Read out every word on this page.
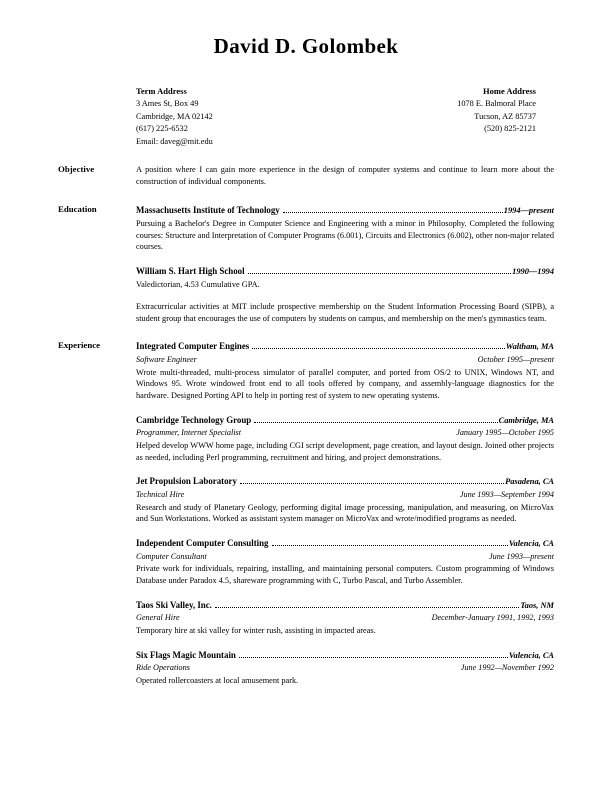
David D. Golombek
Term Address	Home Address
3 Ames St, Box 49	1078 E. Balmoral Place
Cambridge, MA 02142	Tucson, AZ 85737
(617) 225-6532	(520) 825-2121
Email: daveg@mit.edu
Objective	A position where I can gain more experience in the design of computer systems and continue to learn more about the construction of individual components.
Education	Massachusetts Institute of Technology	1994—present
Pursuing a Bachelor's Degree in Computer Science and Engineering with a minor in Philosophy. Completed the following courses: Structure and Interpretation of Computer Programs (6.001), Circuits and Electronics (6.002), other non-major related courses.
William S. Hart High School	1990—1994
Valedictorian, 4.53 Cumulative GPA.
Extracurricular activities at MIT include prospective membership on the Student Information Processing Board (SIPB), a student group that encourages the use of computers by students on campus, and membership on the men's gymnastics team.
Experience	Integrated Computer Engines	Waltham, MA
Software Engineer	October 1995—present
Wrote multi-threaded, multi-process simulator of parallel computer, and ported from OS/2 to UNIX, Windows NT, and Windows 95. Wrote windowed front end to all tools offered by company, and assembly-language diagnostics for the hardware. Designed Porting API to help in porting rest of system to new operating systems.
Cambridge Technology Group	Cambridge, MA
Programmer, Internet Specialist	January 1995—October 1995
Helped develop WWW home page, including CGI script development, page creation, and layout design. Joined other projects as needed, including Perl programming, recruitment and hiring, and project demonstrations.
Jet Propulsion Laboratory	Pasadena, CA
Technical Hire	June 1993—September 1994
Research and study of Planetary Geology, performing digital image processing, manipulation, and measuring, on MicroVax and Sun Workstations. Worked as assistant system manager on MicroVax and wrote/modified programs as needed.
Independent Computer Consulting	Valencia, CA
Computer Consultant	June 1993—present
Private work for individuals, repairing, installing, and maintaining personal computers. Custom programming of Windows Database under Paradox 4.5, shareware programming with C, Turbo Pascal, and Turbo Assembler.
Taos Ski Valley, Inc.	Taos, NM
General Hire	December-January 1991, 1992, 1993
Temporary hire at ski valley for winter rush, assisting in impacted areas.
Six Flags Magic Mountain	Valencia, CA
Ride Operations	June 1992—November 1992
Operated rollercoasters at local amusement park.
